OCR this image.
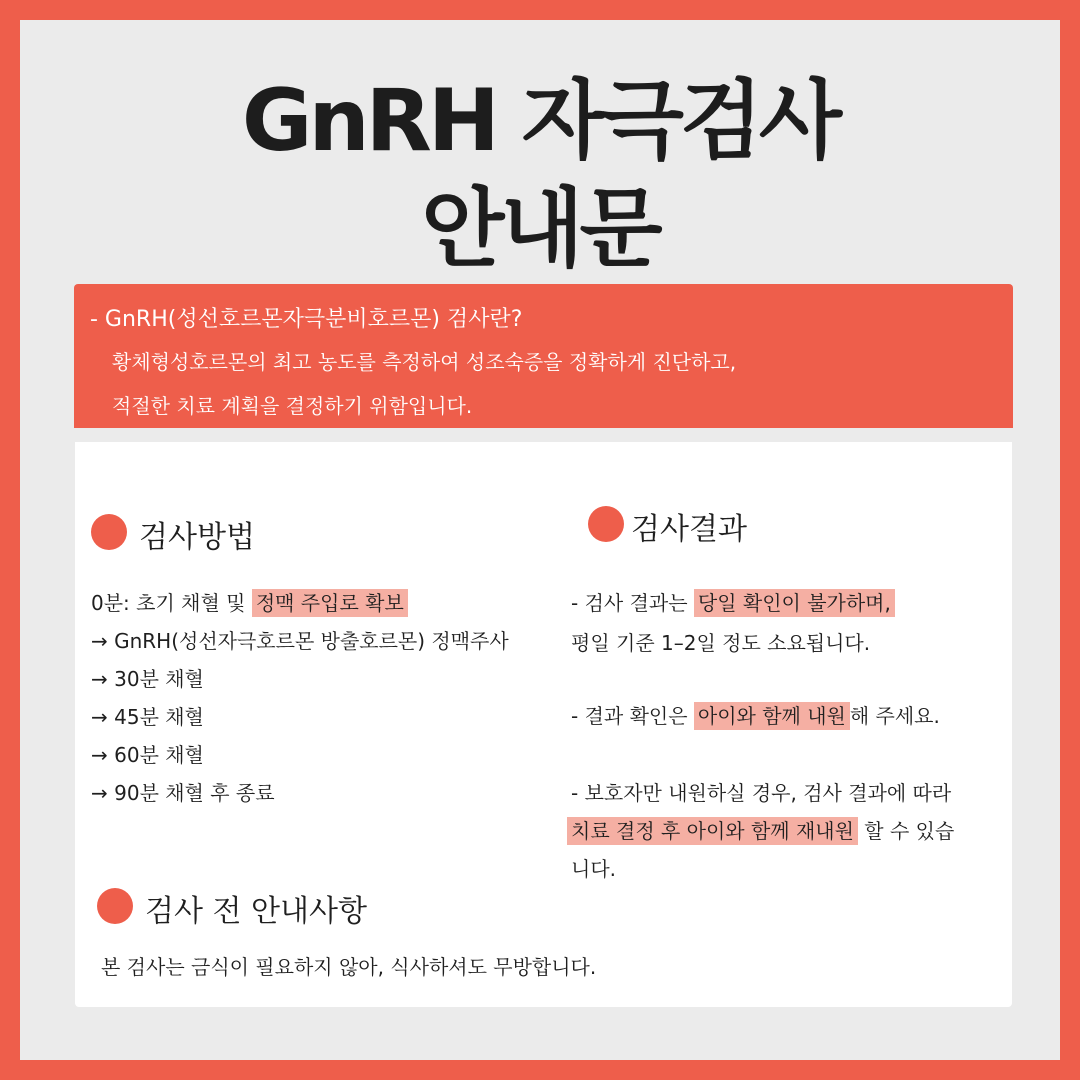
GnRH 자극검사
안내문
- GnRH(성선호르몬자극분비호르몬) 검사란?
황체형성호르몬의 최고 농도를 측정하여 성조숙증을 정확하게 진단하고,
적절한 치료 계획을 결정하기 위함입니다.
검사방법
0분: 초기 채혈 및 정맥 주입로 확보
→ GnRH(성선자극호르몬 방출호르몬) 정맥주사
→ 30분 채혈
→ 45분 채혈
→ 60분 채혈
→ 90분 채혈 후 종료
검사결과
- 검사 결과는 당일 확인이 불가하며,
평일 기준 1–2일 정도 소요됩니다.
- 결과 확인은 아이와 함께 내원 해 주세요.
- 보호자만 내원하실 경우, 검사 결과에 따라
치료 결정 후 아이와 함께 재내원 할 수 있습
니다.
검사 전 안내사항
본 검사는 금식이 필요하지 않아, 식사하셔도 무방합니다.
